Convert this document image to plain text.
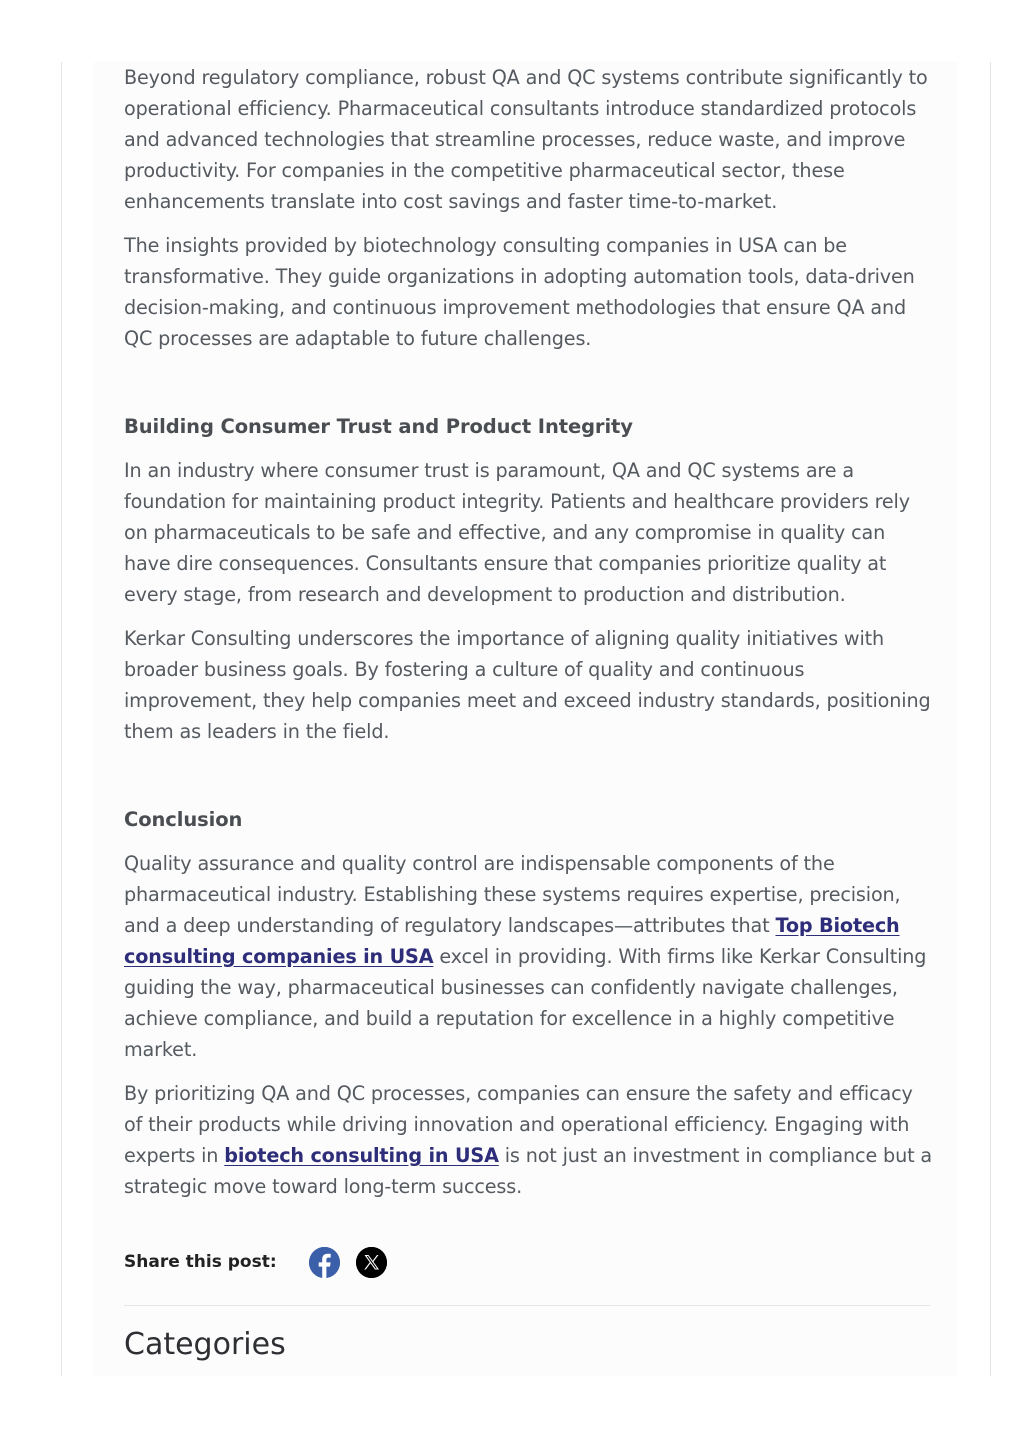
Beyond regulatory compliance, robust QA and QC systems contribute significantly to operational efficiency. Pharmaceutical consultants introduce standardized protocols and advanced technologies that streamline processes, reduce waste, and improve productivity. For companies in the competitive pharmaceutical sector, these enhancements translate into cost savings and faster time-to-market.

The insights provided by biotechnology consulting companies in USA can be transformative. They guide organizations in adopting automation tools, data-driven decision-making, and continuous improvement methodologies that ensure QA and QC processes are adaptable to future challenges.

Building Consumer Trust and Product Integrity

In an industry where consumer trust is paramount, QA and QC systems are a foundation for maintaining product integrity. Patients and healthcare providers rely on pharmaceuticals to be safe and effective, and any compromise in quality can have dire consequences. Consultants ensure that companies prioritize quality at every stage, from research and development to production and distribution.

Kerkar Consulting underscores the importance of aligning quality initiatives with broader business goals. By fostering a culture of quality and continuous improvement, they help companies meet and exceed industry standards, positioning them as leaders in the field.

Conclusion

Quality assurance and quality control are indispensable components of the pharmaceutical industry. Establishing these systems requires expertise, precision, and a deep understanding of regulatory landscapes—attributes that Top Biotech consulting companies in USA excel in providing. With firms like Kerkar Consulting guiding the way, pharmaceutical businesses can confidently navigate challenges, achieve compliance, and build a reputation for excellence in a highly competitive market.

By prioritizing QA and QC processes, companies can ensure the safety and efficacy of their products while driving innovation and operational efficiency. Engaging with experts in biotech consulting in USA is not just an investment in compliance but a strategic move toward long-term success.

Share this post:
Categories
